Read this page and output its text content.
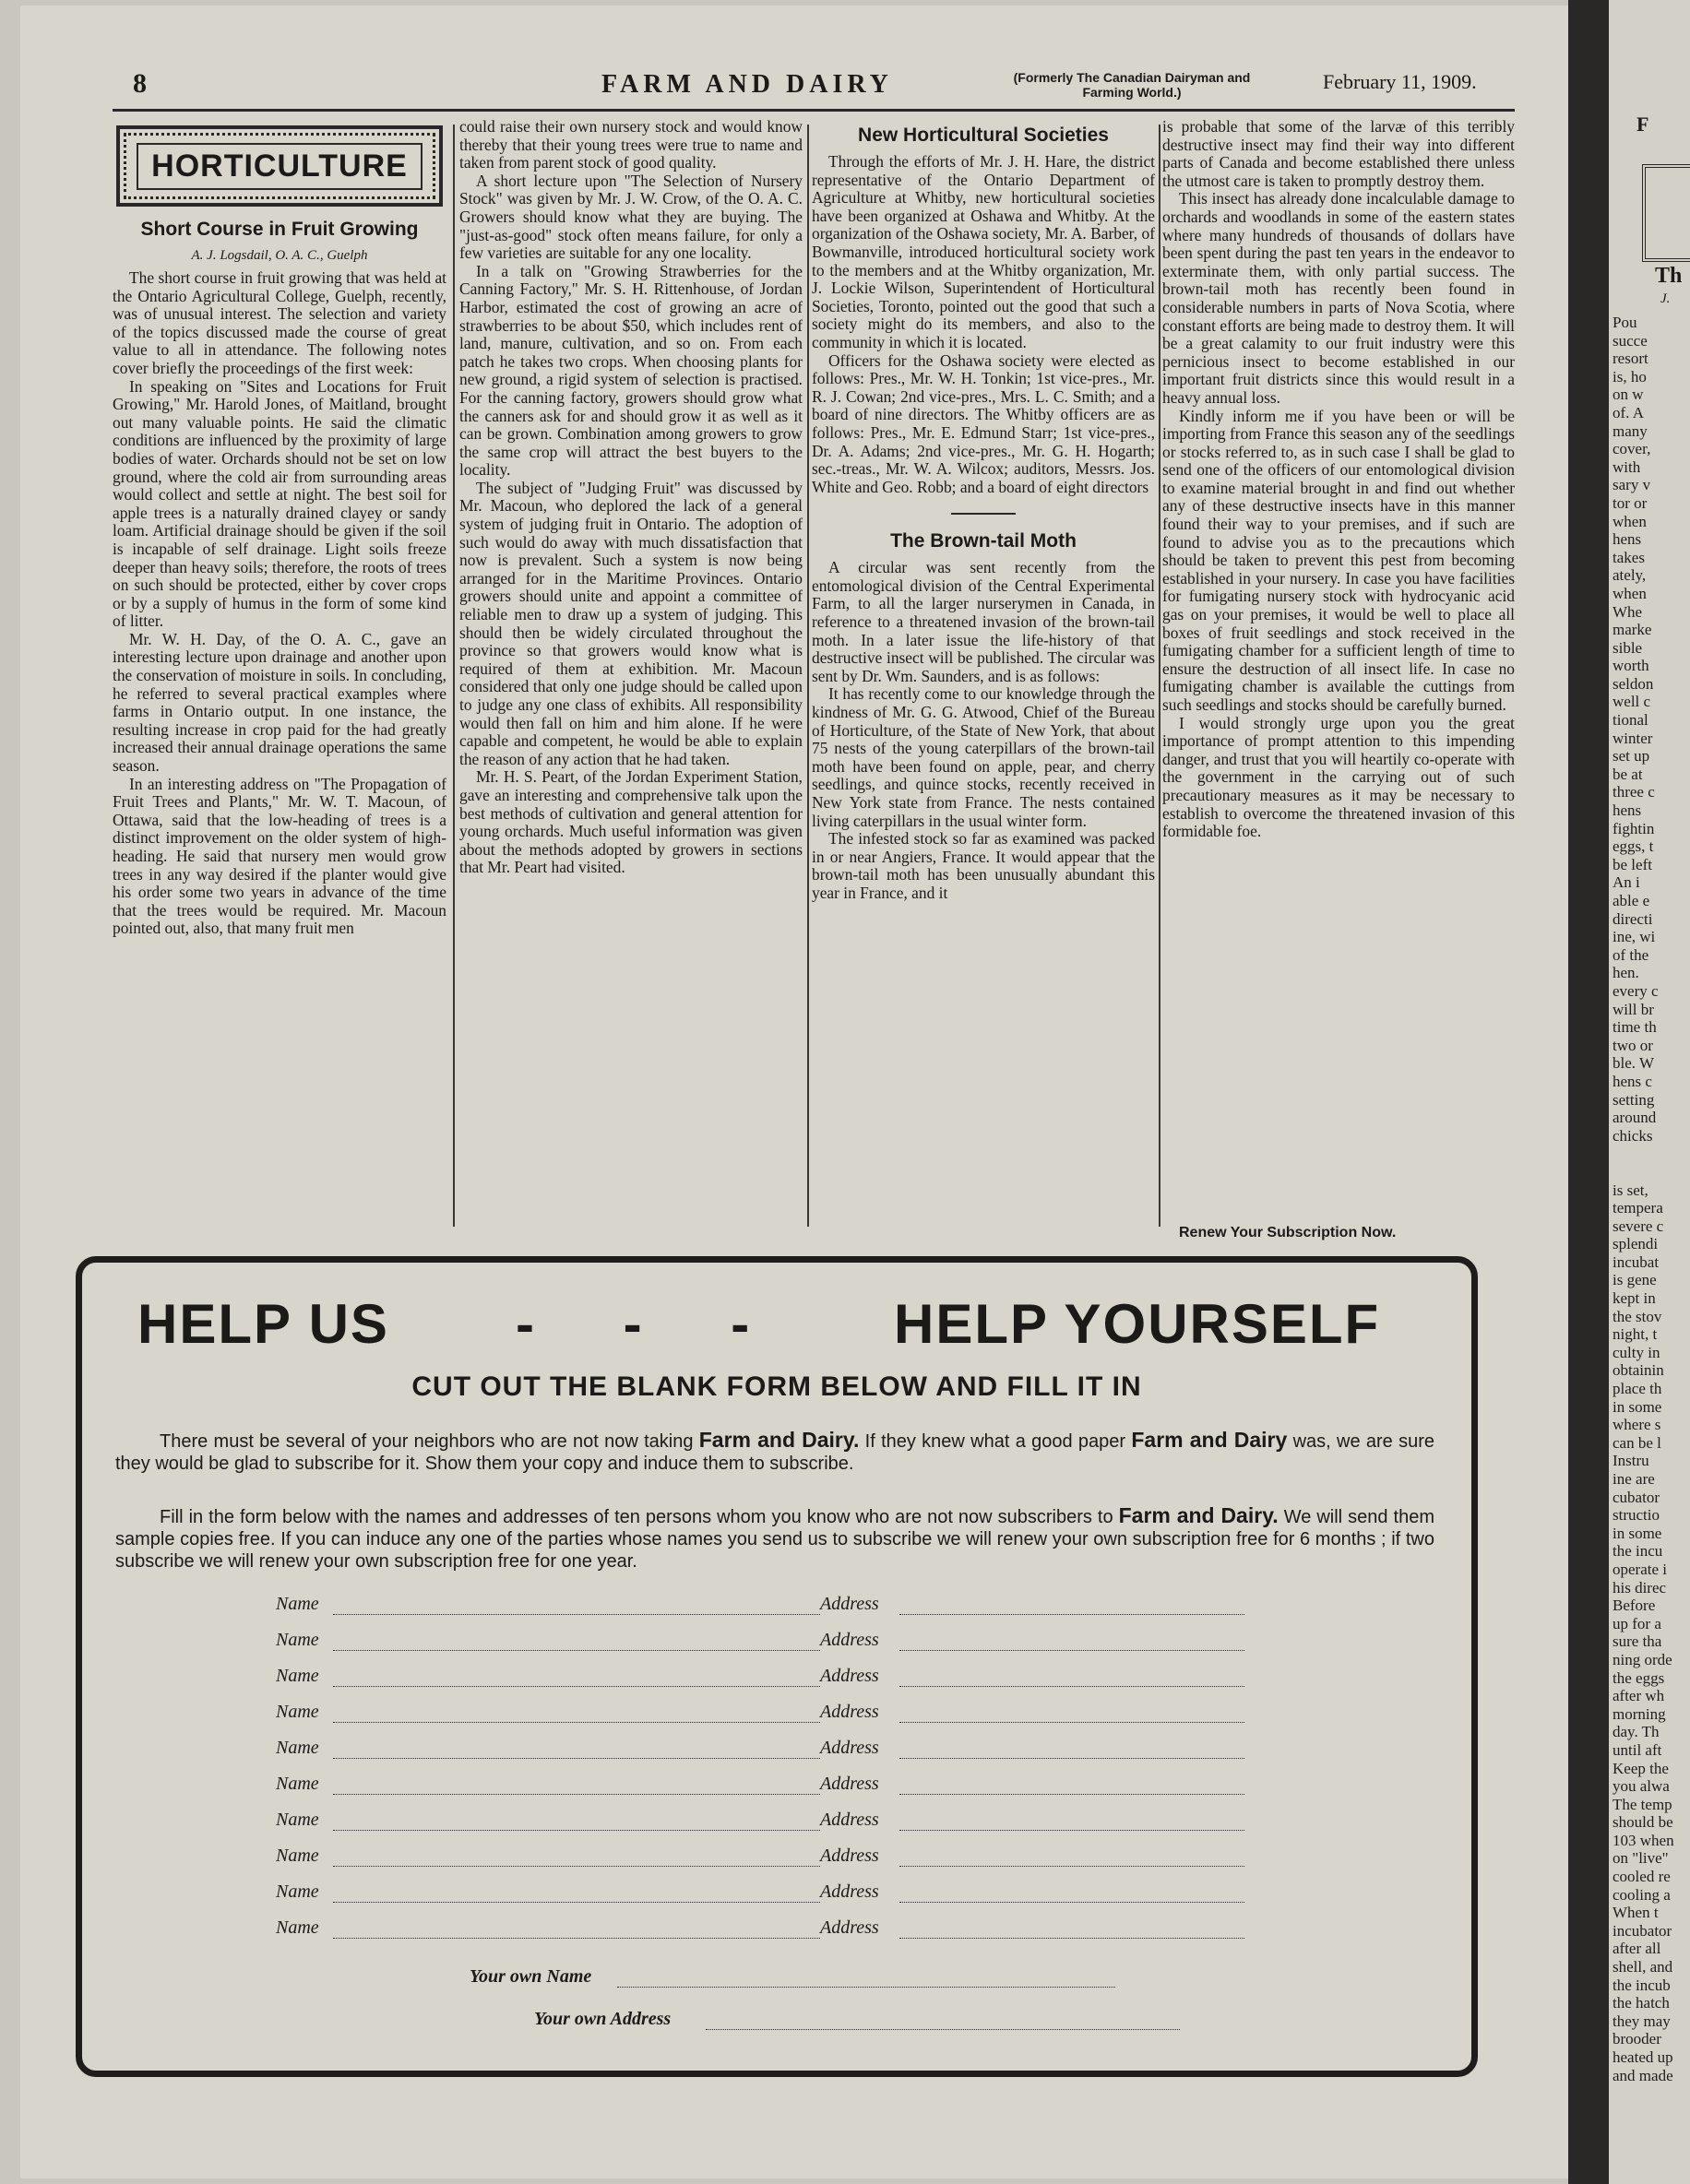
F
Th
J.
Pou
succe
resort
is, ho
on w
of. A
many
cover,
with
sary v
tor or
when
hens
takes
ately,
when
Whe
marke
sible
worth
seldon
well c
tional
winter
set up
be at
three c
hens
fightin
eggs, t
be left
An i
able e
directi
ine, wi
of the
hen.
every c
will br
time th
two or
ble. W
hens c
setting
around
chicks
is set,
tempera
severe c
splendi
incubat
is gene
kept in
the stov
night, t
culty in
obtainin
place th
in some
where s
can be l
Instru
ine are
cubator
structio
in some
the incu
operate i
his direc
Before
up for a
sure tha
ning orde
the eggs
after wh
morning
day. Th
until aft
Keep the
you alwa
The temp
should be
103 when
on "live"
cooled re
cooling a
When t
incubator
after all
shell, and
the incub
the hatch
they may
brooder
heated up
and made
8	FARM AND DAIRY	(Formerly The Canadian Dairyman and Farming World.)	February 11, 1909.
HORTICULTURE
Short Course in Fruit Growing
A. J. Logsdail, O. A. C., Guelph

The short course in fruit growing that was held at the Ontario Agricultural College, Guelph, recently, was of unusual interest. The selection and variety of the topics discussed made the course of great value to all in attendance. The following notes cover briefly the proceedings of the first week:

In speaking on "Sites and Locations for Fruit Growing," Mr. Harold Jones, of Maitland, brought out many valuable points. He said the climatic conditions are influenced by the proximity of large bodies of water. Orchards should not be set on low ground, where the cold air from surrounding areas would collect and settle at night. The best soil for apple trees is a naturally drained clayey or sandy loam. Artificial drainage should be given if the soil is incapable of self drainage. Light soils freeze deeper than heavy soils; therefore, the roots of trees on such should be protected, either by cover crops or by a supply of humus in the form of some kind of litter.

Mr. W. H. Day, of the O. A. C., gave an interesting lecture upon drainage and another upon the conservation of moisture in soils. In concluding, he referred to several practical examples where farms in Ontario output. In one instance, the resulting increase in crop paid for the had greatly increased their annual drainage operations the same season.

In an interesting address on "The Propagation of Fruit Trees and Plants," Mr. W. T. Macoun, of Ottawa, said that the low-heading of trees is a distinct improvement on the older system of high-heading. He said that nursery men would grow trees in any way desired if the planter would give his order some two years in advance of the time that the trees would be required. Mr. Macoun pointed out, also, that many fruit men

could raise their own nursery stock and would know thereby that their young trees were true to name and taken from parent stock of good quality.

A short lecture upon "The Selection of Nursery Stock" was given by Mr. J. W. Crow, of the O. A. C. Growers should know what they are buying. The "just-as-good" stock often means failure, for only a few varieties are suitable for any one locality.

In a talk on "Growing Strawberries for the Canning Factory," Mr. S. H. Rittenhouse, of Jordan Harbor, estimated the cost of growing an acre of strawberries to be about $50, which includes rent of land, manure, cultivation, and so on. From each patch he takes two crops. When choosing plants for new ground, a rigid system of selection is practised. For the canning factory, growers should grow what the canners ask for and should grow it as well as it can be grown. Combination among growers to grow the same crop will attract the best buyers to the locality.

The subject of "Judging Fruit" was discussed by Mr. Macoun, who deplored the lack of a general system of judging fruit in Ontario. The adoption of such would do away with much dissatisfaction that now is prevalent. Such a system is now being arranged for in the Maritime Provinces. Ontario growers should unite and appoint a committee of reliable men to draw up a system of judging. This should then be widely circulated throughout the province so that growers would know what is required of them at exhibition. Mr. Macoun considered that only one judge should be called upon to judge any one class of exhibits. All responsibility would then fall on him and him alone. If he were capable and competent, he would be able to explain the reason of any action that he had taken.

Mr. H. S. Peart, of the Jordan Experiment Station, gave an interesting and comprehensive talk upon the best methods of cultivation and general attention for young orchards. Much useful information was given about the methods adopted by growers in sections that Mr. Peart had visited.

New Horticultural Societies

Through the efforts of Mr. J. H. Hare, the district representative of the Ontario Department of Agriculture at Whitby, new horticultural societies have been organized at Oshawa and Whitby. At the organization of the Oshawa society, Mr. A. Barber, of Bowmanville, introduced horticultural society work to the members and at the Whitby organization, Mr. J. Lockie Wilson, Superintendent of Horticultural Societies, Toronto, pointed out the good that such a society might do its members, and also to the community in which it is located.

Officers for the Oshawa society were elected as follows: Pres., Mr. W. H. Tonkin; 1st vice-pres., Mr. R. J. Cowan; 2nd vice-pres., Mrs. L. C. Smith; and a board of nine directors. The Whitby officers are as follows: Pres., Mr. E. Edmund Starr; 1st vice-pres., Dr. A. Adams; 2nd vice-pres., Mr. G. H. Hogarth; sec.-treas., Mr. W. A. Wilcox; auditors, Messrs. Jos. White and Geo. Robb; and a board of eight directors

The Brown-tail Moth

A circular was sent recently from the entomological division of the Central Experimental Farm, to all the larger nurserymen in Canada, in reference to a threatened invasion of the brown-tail moth. In a later issue the life-history of that destructive insect will be published. The circular was sent by Dr. Wm. Saunders, and is as follows:

It has recently come to our knowledge through the kindness of Mr. G. G. Atwood, Chief of the Bureau of Horticulture, of the State of New York, that about 75 nests of the young caterpillars of the brown-tail moth have been found on apple, pear, and cherry seedlings, and quince stocks, recently received in New York state from France. The nests contained living caterpillars in the usual winter form.

The infested stock so far as examined was packed in or near Angiers, France. It would appear that the brown-tail moth has been unusually abundant this year in France, and it

is probable that some of the larvæ of this terribly destructive insect may find their way into different parts of Canada and become established there unless the utmost care is taken to promptly destroy them.

This insect has already done incalculable damage to orchards and woodlands in some of the eastern states where many hundreds of thousands of dollars have been spent during the past ten years in the endeavor to exterminate them, with only partial success. The brown-tail moth has recently been found in considerable numbers in parts of Nova Scotia, where constant efforts are being made to destroy them. It will be a great calamity to our fruit industry were this pernicious insect to become established in our important fruit districts since this would result in a heavy annual loss.

Kindly inform me if you have been or will be importing from France this season any of the seedlings or stocks referred to, as in such case I shall be glad to send one of the officers of our entomological division to examine material brought in and find out whether any of these destructive insects have in this manner found their way to your premises, and if such are found to advise you as to the precautions which should be taken to prevent this pest from becoming established in your nursery. In case you have facilities for fumigating nursery stock with hydrocyanic acid gas on your premises, it would be well to place all boxes of fruit seedlings and stock received in the fumigating chamber for a sufficient length of time to ensure the destruction of all insect life. In case no fumigating chamber is available the cuttings from such seedlings and stocks should be carefully burned.

I would strongly urge upon you the great importance of prompt attention to this impending danger, and trust that you will heartily co-operate with the government in the carrying out of such precautionary measures as it may be necessary to establish to overcome the threatened invasion of this formidable foe.

Renew Your Subscription Now.
HELP US - - - HELP YOURSELF
CUT OUT THE BLANK FORM BELOW AND FILL IT IN
There must be several of your neighbors who are not now taking Farm and Dairy. If they knew what a good paper Farm and Dairy was, we are sure they would be glad to subscribe for it. Show them your copy and induce them to subscribe.
Fill in the form below with the names and addresses of ten persons whom you know who are not now subscribers to Farm and Dairy. We will send them sample copies free. If you can induce any one of the parties whose names you send us to subscribe we will renew your own subscription free for 6 months ; if two subscribe we will renew your own subscription free for one year.
Name	Address
Name	Address
Name	Address
Name	Address
Name	Address
Name	Address
Name	Address
Name	Address
Name	Address
Name	Address
Your own Name
Your own Address
